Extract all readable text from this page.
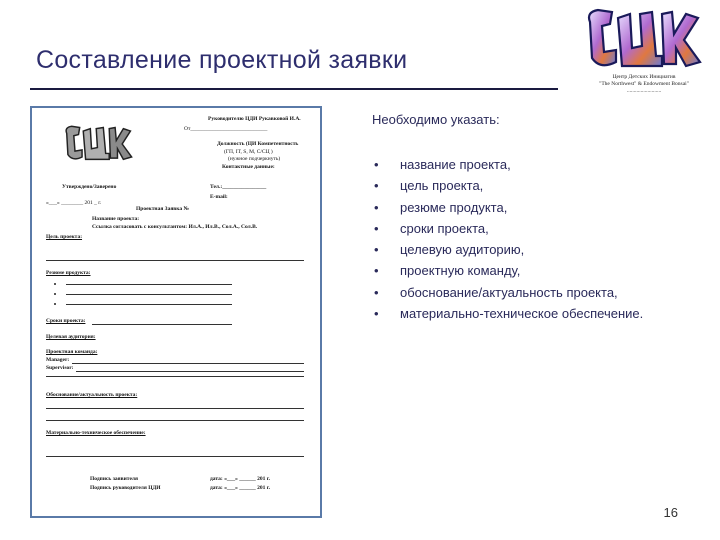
Составление проектной заявки
ЦАК
Центр Детских Инициатив
"The Northwest" & Endowment Bonsai"
.........................
Руководителю ЦДИ Рукавковой И.А.
От____________________________
Должность (ЦИ Компетентность
(ГП, IT, S, M, С/СЦ )
(нужное подчеркнуть)
Контактные данные:
Утверждено/Заверено
«___» ________ 201 _ г.
Тел.:________________
E-mail:
Проектная Заявка №
Название проекта:
Ссылка согласовать с консультантом: Ил.А., Ил.В., Сол.А., Сол.В.
Цель проекта:
Резюме продукта:
Сроки проекта:
Целевая аудитория:
Проектная команда:
Manager:
Supervisor:
Обоснование/актуальность проекта:
Материально-техническое обеспечение:
Подпись заявителя	дата: «___» ______ 201 г.
Подпись руководителя ЦДИ	дата: «___» ______ 201 г.

Необходимо указать:

• название проекта,
• цель проекта,
• резюме продукта,
• сроки проекта,
• целевую аудиторию,
• проектную команду,
• обоснование/актуальность проекта,
• материально-техническое обеспечение.
16
